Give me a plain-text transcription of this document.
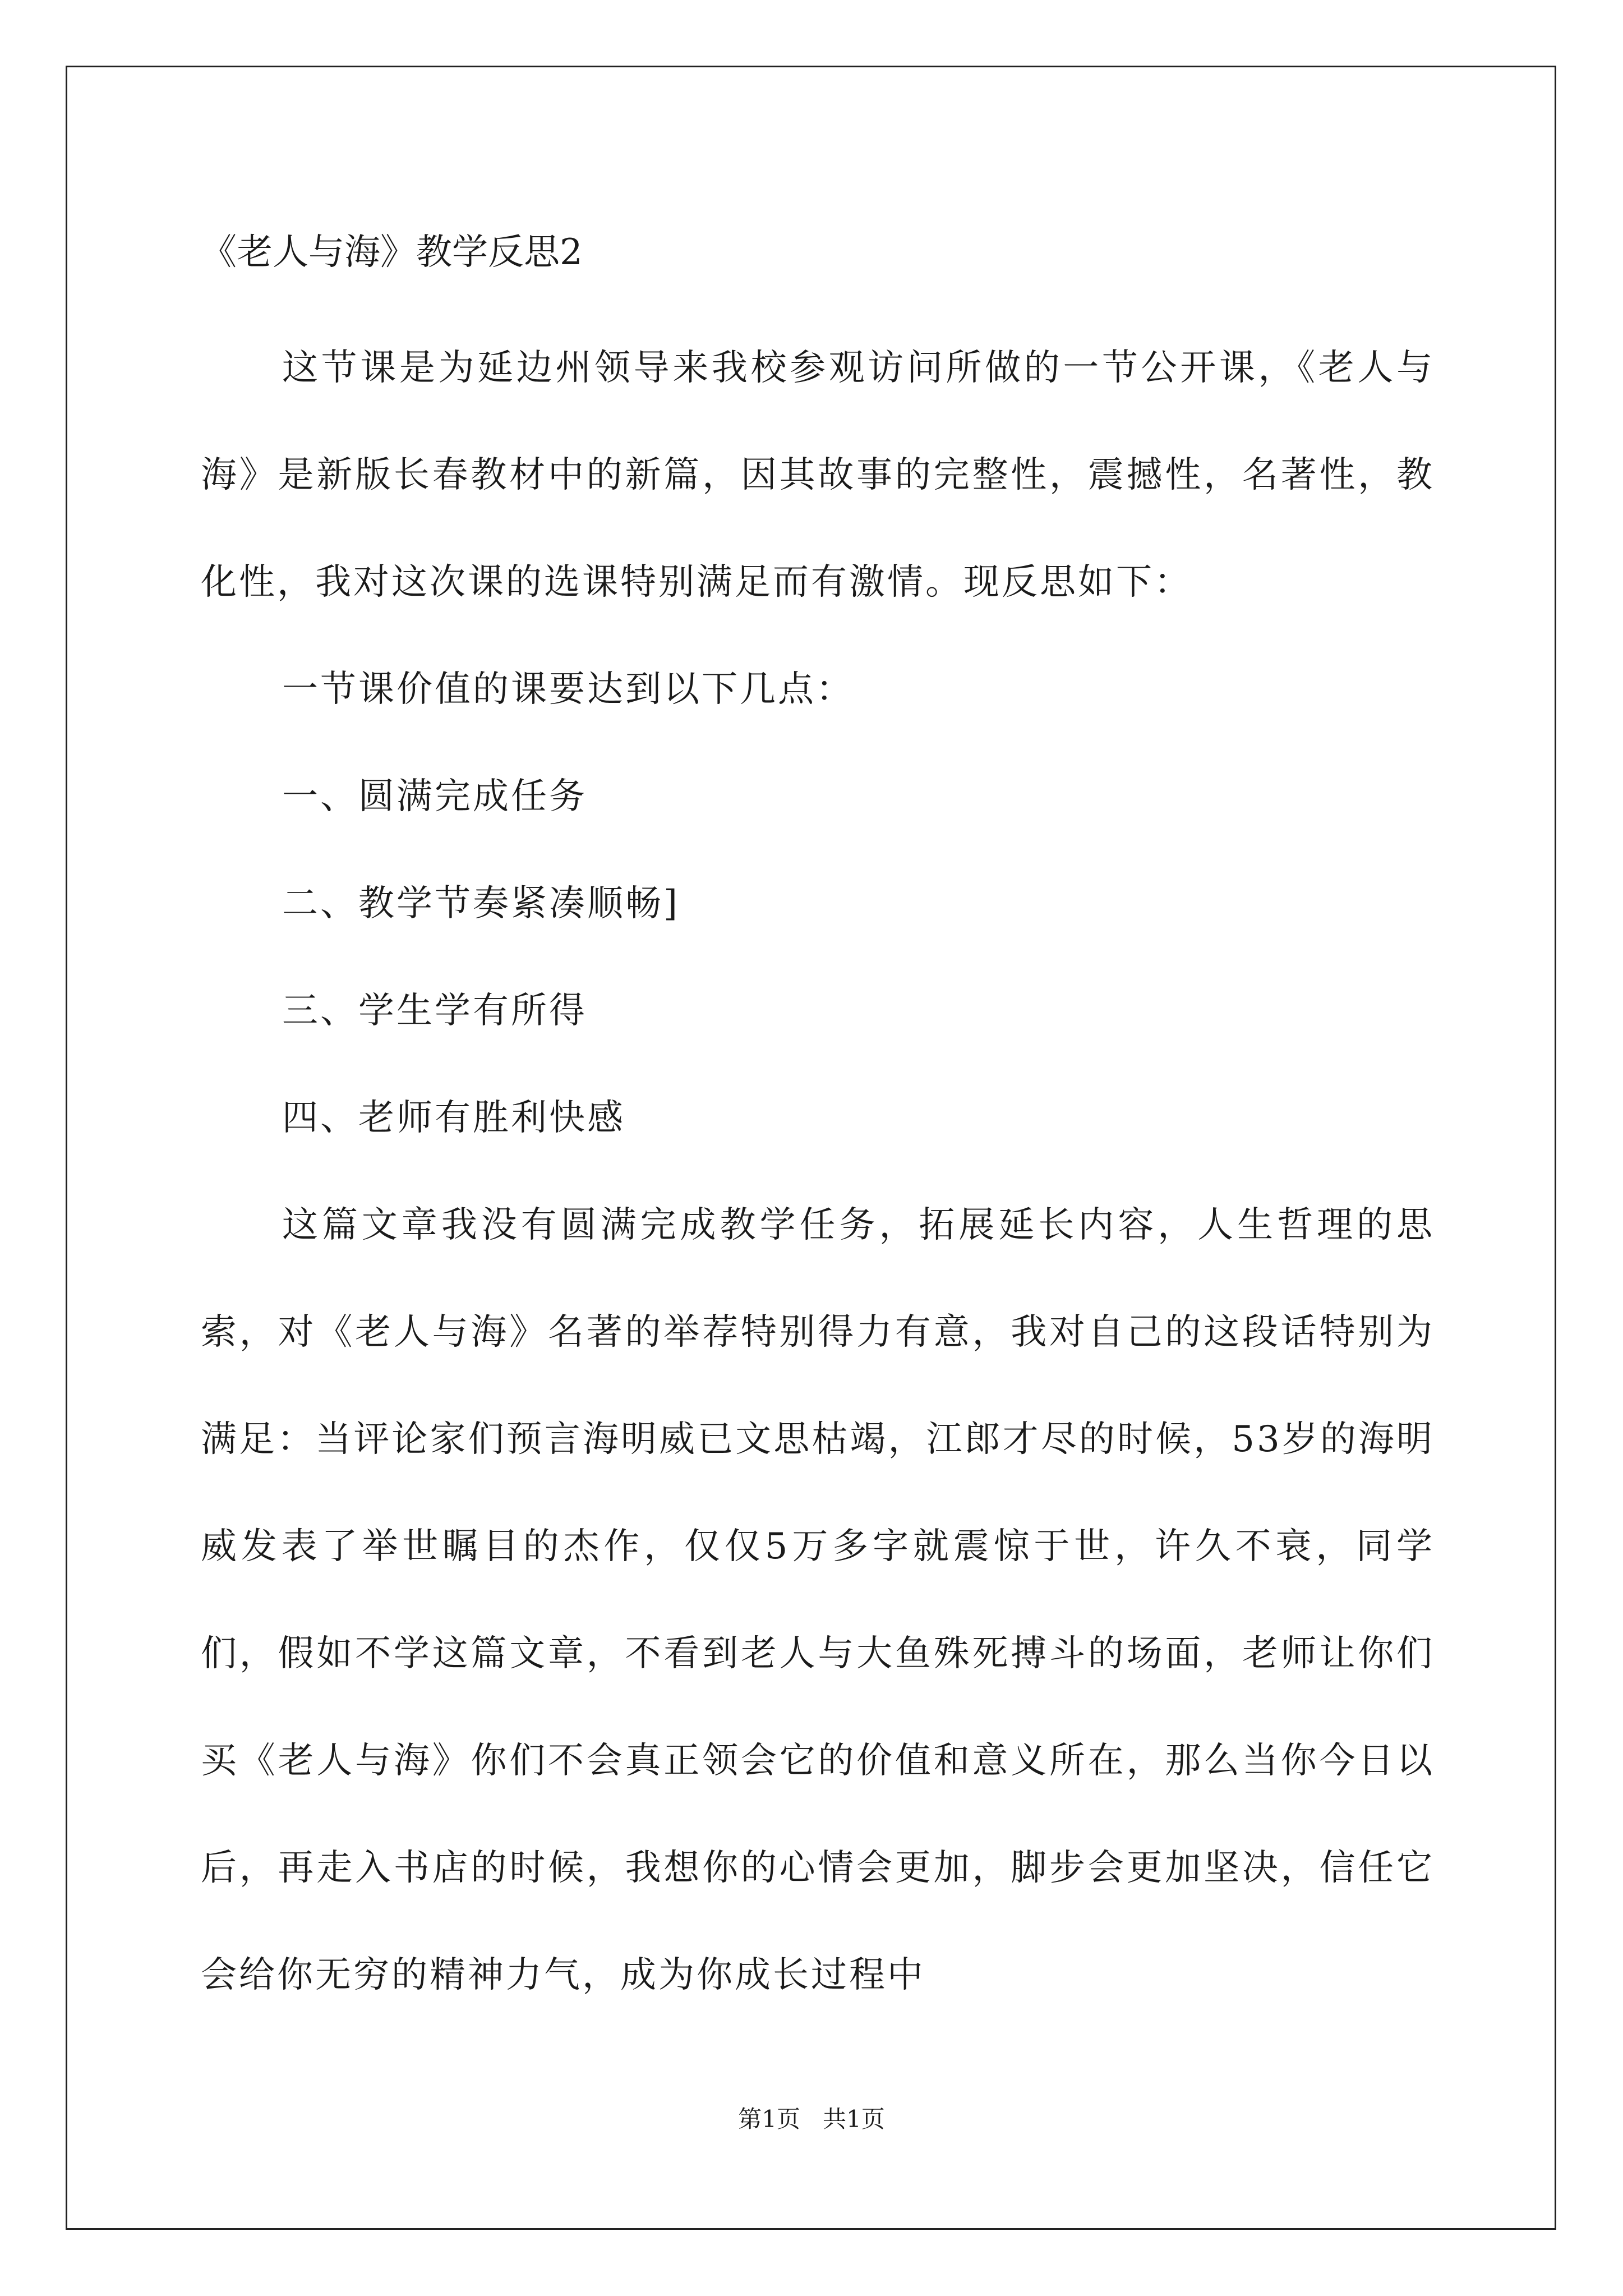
《老人与海》教学反思2

这节课是为延边州领导来我校参观访问所做的一节公开课，《老人与海》是新版长春教材中的新篇，因其故事的完整性，震撼性，名著性，教化性，我对这次课的选课特别满足而有激情。现反思如下：

一节课价值的课要达到以下几点：

一、圆满完成任务

二、教学节奏紧凑顺畅]

三、学生学有所得

四、老师有胜利快感

这篇文章我没有圆满完成教学任务，拓展延长内容，人生哲理的思索，对《老人与海》名著的举荐特别得力有意，我对自己的这段话特别为满足：当评论家们预言海明威已文思枯竭，江郎才尽的时候，53岁的海明威发表了举世瞩目的杰作，仅仅5万多字就震惊于世，许久不衰，同学们，假如不学这篇文章，不看到老人与大鱼殊死搏斗的场面，老师让你们买《老人与海》你们不会真正领会它的价值和意义所在，那么当你今日以后，再走入书店的时候，我想你的心情会更加，脚步会更加坚决，信任它会给你无穷的精神力气，成为你成长过程中

第1页 共1页
